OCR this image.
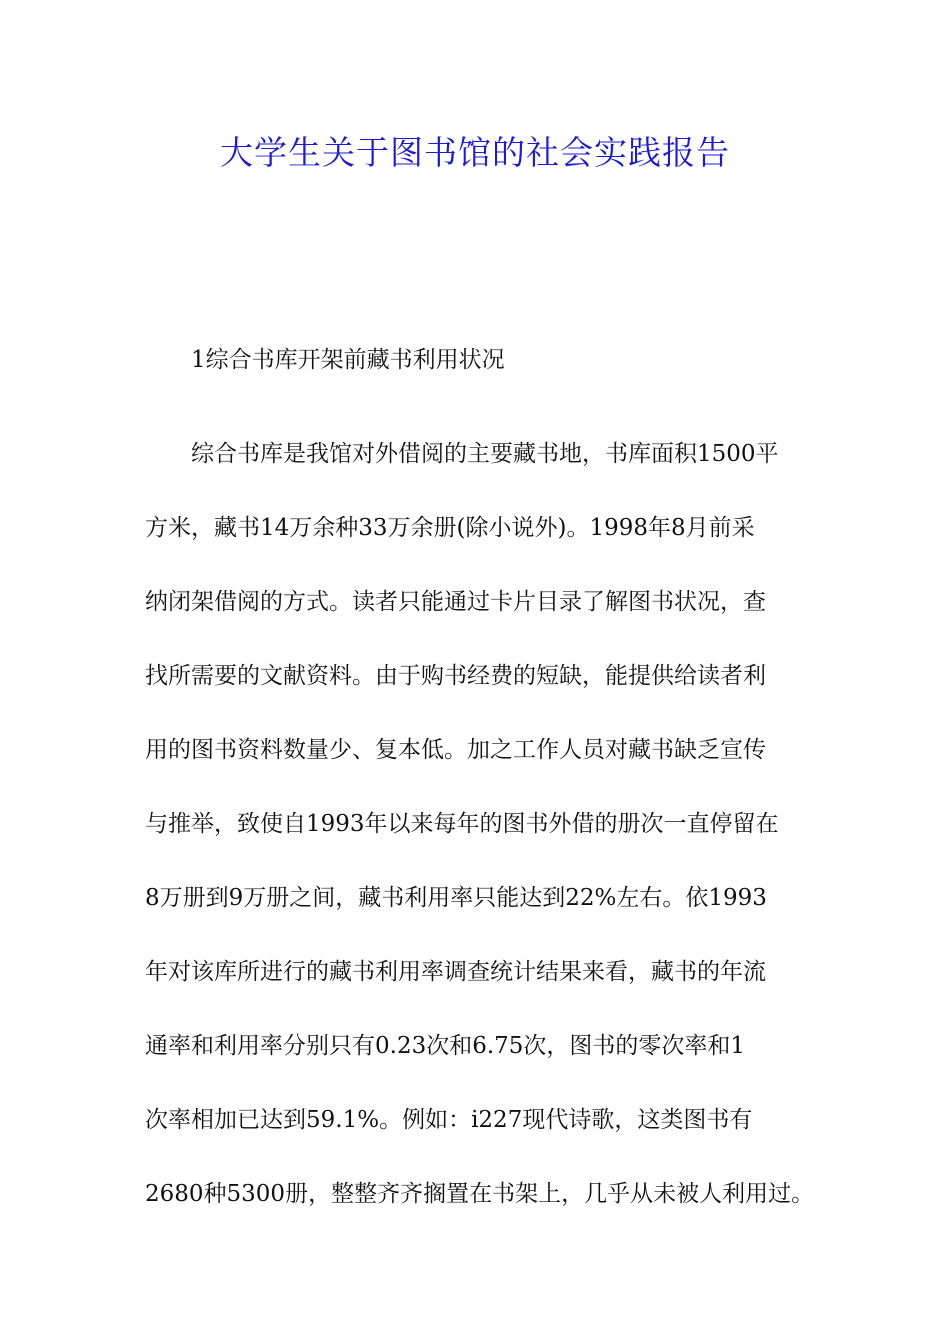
大学生关于图书馆的社会实践报告
1综合书库开架前藏书利用状况
综合书库是我馆对外借阅的主要藏书地，书库面积1500平
方米，藏书14万余种33万余册(除小说外)。1998年8月前采
纳闭架借阅的方式。读者只能通过卡片目录了解图书状况，查
找所需要的文献资料。由于购书经费的短缺，能提供给读者利
用的图书资料数量少、复本低。加之工作人员对藏书缺乏宣传
与推举，致使自1993年以来每年的图书外借的册次一直停留在
8万册到9万册之间，藏书利用率只能达到22%左右。依1993
年对该库所进行的藏书利用率调查统计结果来看，藏书的年流
通率和利用率分别只有0.23次和6.75次，图书的零次率和1
次率相加已达到59.1%。例如：i227现代诗歌，这类图书有
2680种5300册，整整齐齐搁置在书架上，几乎从未被人利用过。
